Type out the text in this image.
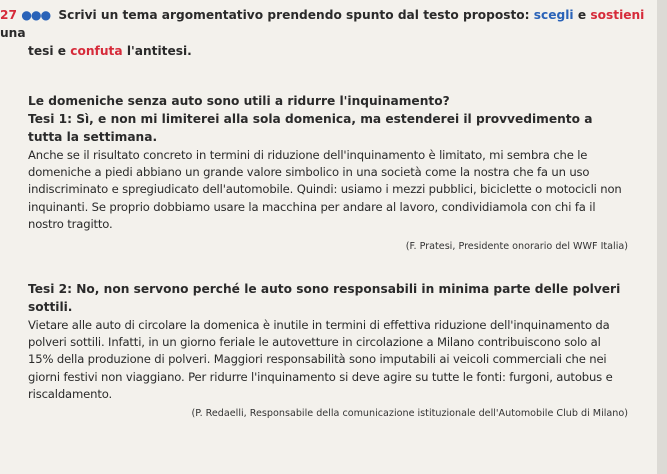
27 ●●● Scrivi un tema argomentativo prendendo spunto dal testo proposto: scegli e sostieni una
tesi e confuta l'antitesi.
Le domeniche senza auto sono utili a ridurre l'inquinamento?

Tesi 1: Sì, e non mi limiterei alla sola domenica, ma estenderei il provvedimento a tutta la settimana.

Anche se il risultato concreto in termini di riduzione dell'inquinamento è limitato, mi sembra che le domeniche a piedi abbiano un grande valore simbolico in una società come la nostra che fa un uso indiscriminato e spregiudicato dell'automobile. Quindi: usiamo i mezzi pubblici, biciclette o motocicli non inquinanti. Se proprio dobbiamo usare la macchina per andare al lavoro, condividiamola con chi fa il nostro tragitto.

(F. Pratesi, Presidente onorario del WWF Italia)

Tesi 2: No, non servono perché le auto sono responsabili in minima parte delle polveri sottili.

Vietare alle auto di circolare la domenica è inutile in termini di effettiva riduzione dell'inquinamento da polveri sottili. Infatti, in un giorno feriale le autovetture in circolazione a Milano contribuiscono solo al 15% della produzione di polveri. Maggiori responsabilità sono imputabili ai veicoli commerciali che nei giorni festivi non viaggiano. Per ridurre l'inquinamento si deve agire su tutte le fonti: furgoni, autobus e riscaldamento.

(P. Redaelli, Responsabile della comunicazione istituzionale dell'Automobile Club di Milano)
